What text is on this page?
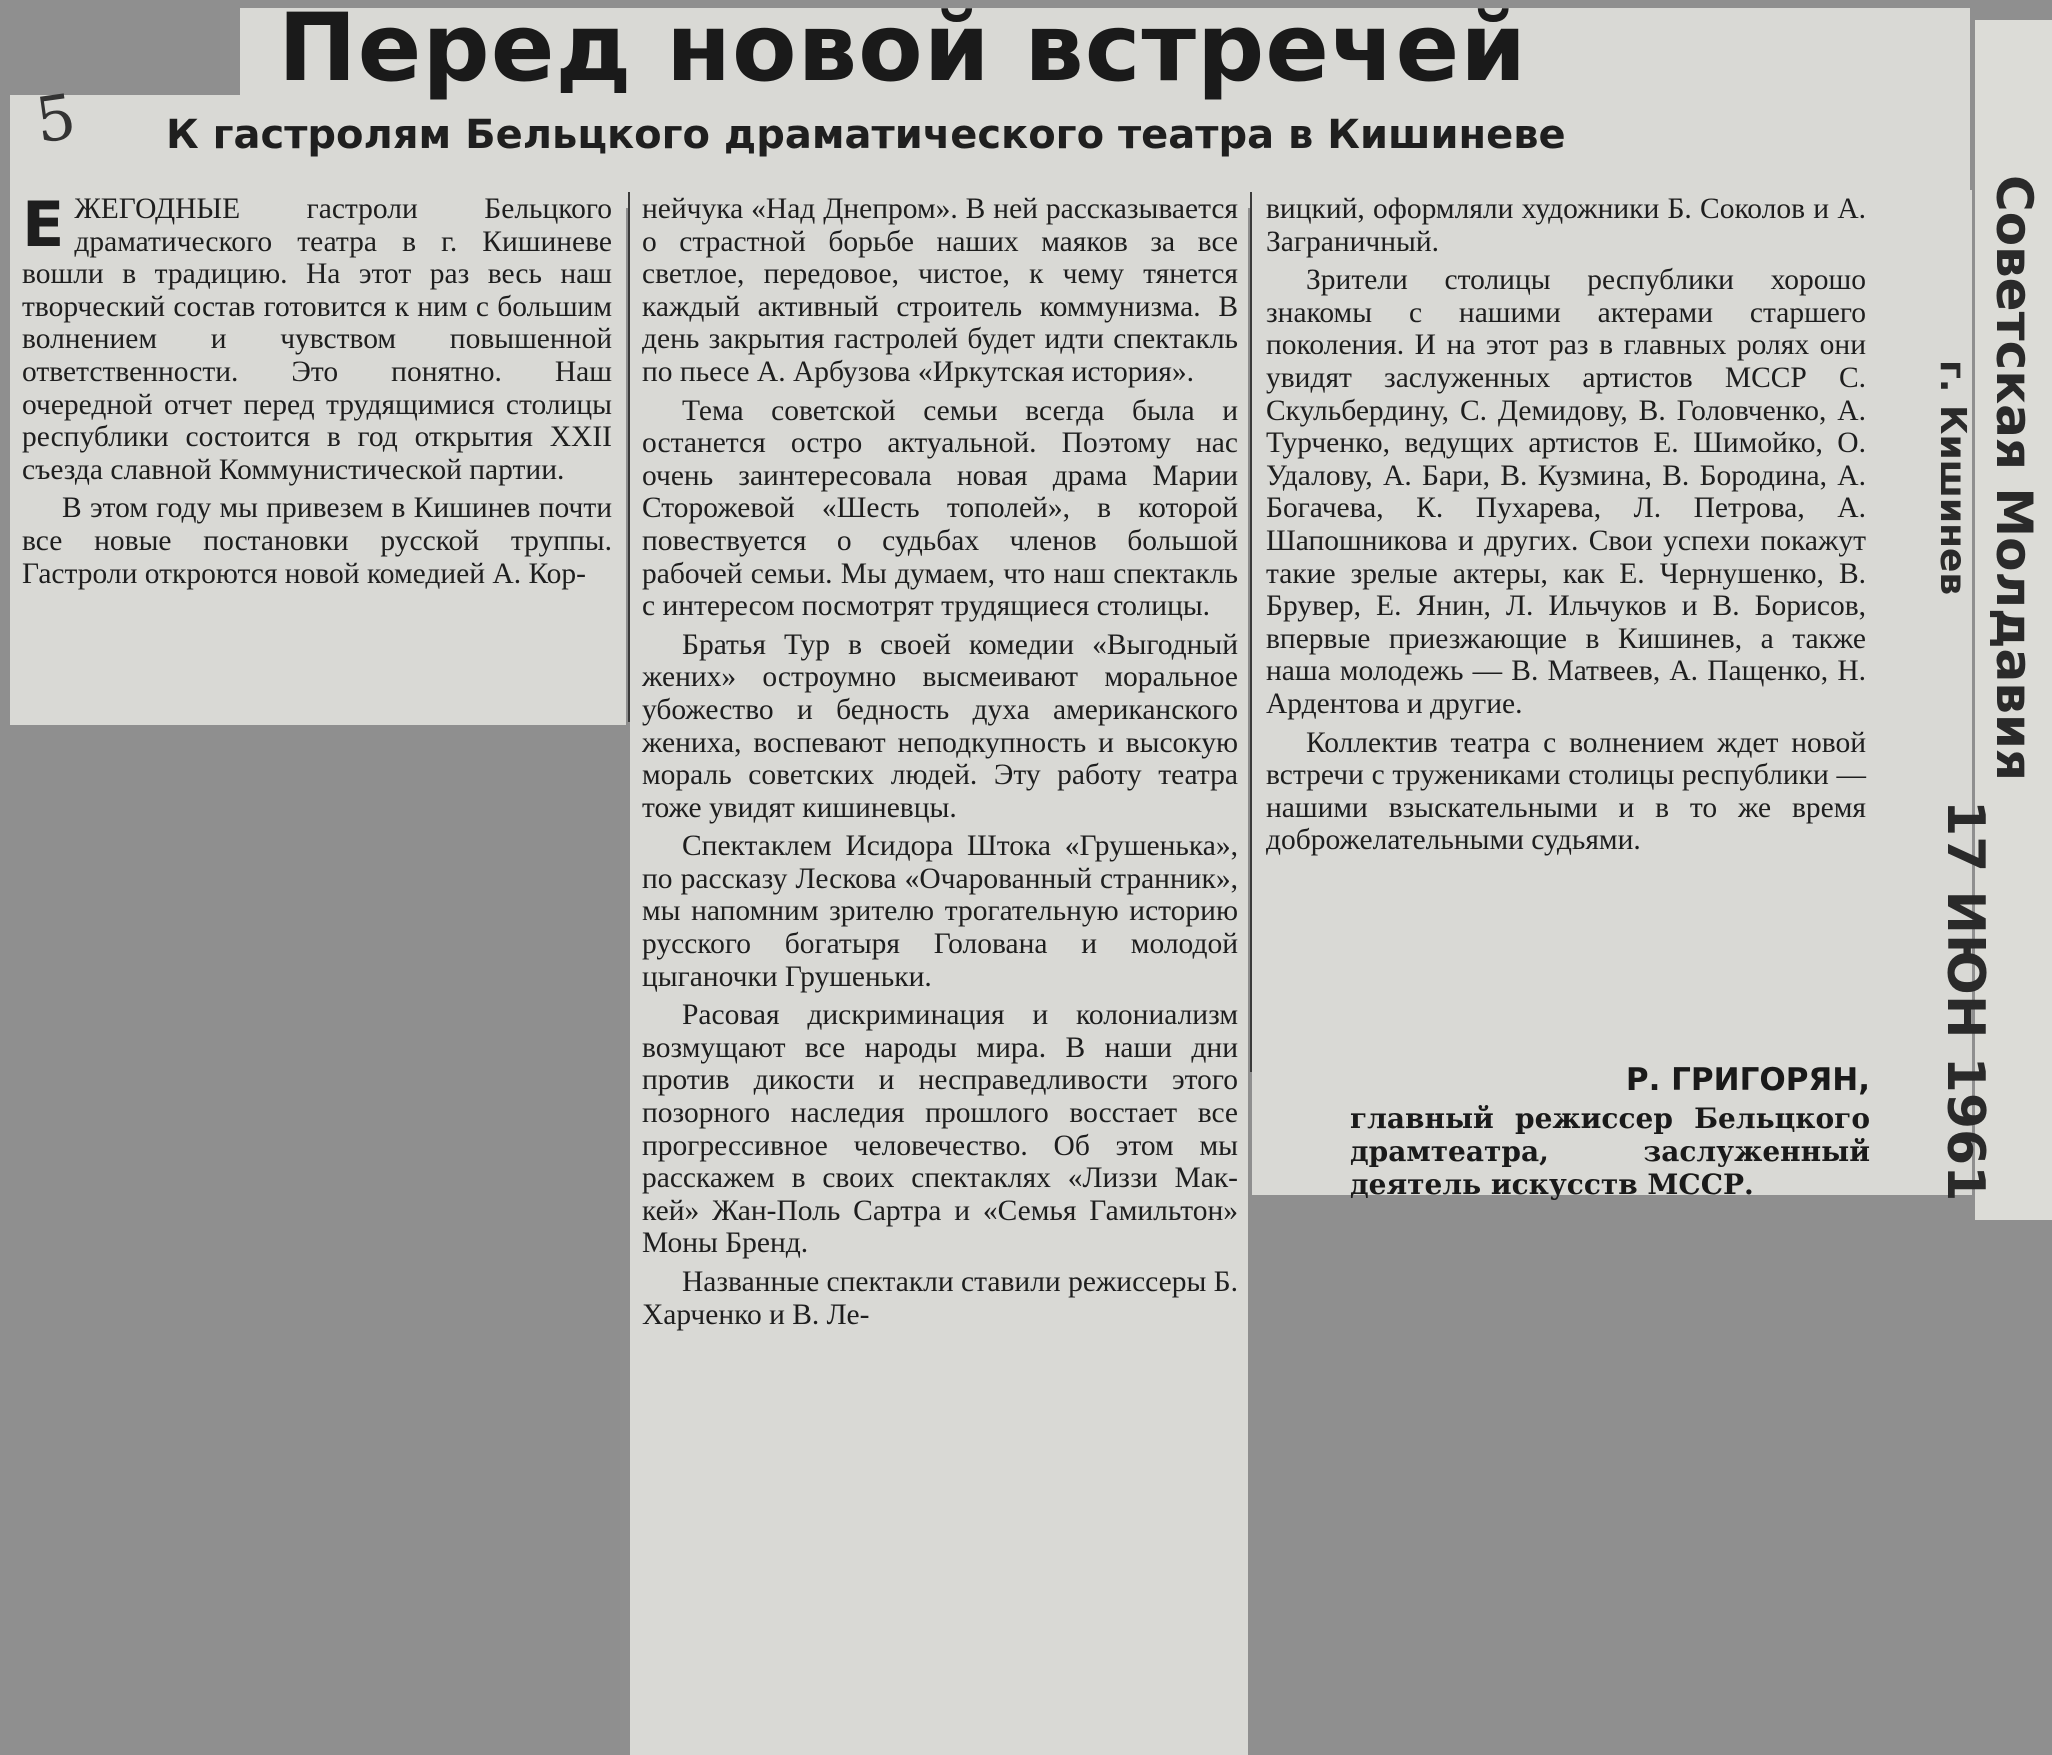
5
Перед новой встречей
К гастролям Бельцкого драматического театра в Кишиневе

ЕЖЕГОДНЫЕ гастроли Бельцкого драматического театра в г. Кишиневе вошли в традицию. На этот раз весь наш творческий состав готовится к ним с большим волнением и чувством повышенной ответственности. Это понятно. Наш очередной отчет перед трудящимися столицы республики состоится в год открытия XXII съезда славной Коммунистической партии.

В этом году мы привезем в Кишинев почти все новые постановки русской труппы. Гастроли откроются новой комедией А. Кор-

нейчука «Над Днепром». В ней рассказывается о страстной борьбе наших маяков за все светлое, передовое, чистое, к чему тянется каждый активный строитель коммунизма. В день закрытия гастролей будет идти спектакль по пьесе А. Арбузова «Иркутская история».

Тема советской семьи всегда была и останется остро актуальной. Поэтому нас очень заинтересовала новая драма Марии Сторожевой «Шесть тополей», в которой повествуется о судьбах членов большой рабочей семьи. Мы думаем, что наш спектакль с интересом посмотрят трудящиеся столицы.

Братья Тур в своей комедии «Выгодный жених» остроумно высмеивают моральное убожество и бедность духа американского жениха, воспевают неподкупность и высокую мораль советских людей. Эту работу театра тоже увидят кишиневцы.

Спектаклем Исидора Штока «Грушенька», по рассказу Лескова «Очарованный странник», мы напомним зрителю трогательную историю русского богатыря Голована и молодой цыганочки Грушеньки.

Расовая дискриминация и колониализм возмущают все народы мира. В наши дни против дикости и несправедливости этого позорного наследия прошлого восстает все прогрессивное человечество. Об этом мы расскажем в своих спектаклях «Лиззи Мак-кей» Жан-Поль Сартра и «Семья Гамильтон» Моны Бренд.

Названные спектакли ставили режиссеры Б. Харченко и В. Ле-

вицкий, оформляли художники Б. Соколов и А. Заграничный.

Зрители столицы республики хорошо знакомы с нашими актерами старшего поколения. И на этот раз в главных ролях они увидят заслуженных артистов МССР С. Скульбердину, С. Демидову, В. Головченко, А. Турченко, ведущих артистов Е. Шимойко, О. Удалову, А. Бари, В. Кузмина, В. Бородина, А. Богачева, К. Пухарева, Л. Петрова, А. Шапошникова и других. Свои успехи покажут такие зрелые актеры, как Е. Чернушенко, В. Брувер, Е. Янин, Л. Ильчуков и В. Борисов, впервые приезжающие в Кишинев, а также наша молодежь — В. Матвеев, А. Пащенко, Н. Ардентова и другие.

Коллектив театра с волнением ждет новой встречи с тружениками столицы республики — нашими взыскательными и в то же время доброжелательными судьями.

Р. ГРИГОРЯН,
главный режиссер Бельцкого драмтеатра, заслуженный деятель искусств МССР.
Советская Молдавия
г. Кишинев
17 ИЮН 1961
